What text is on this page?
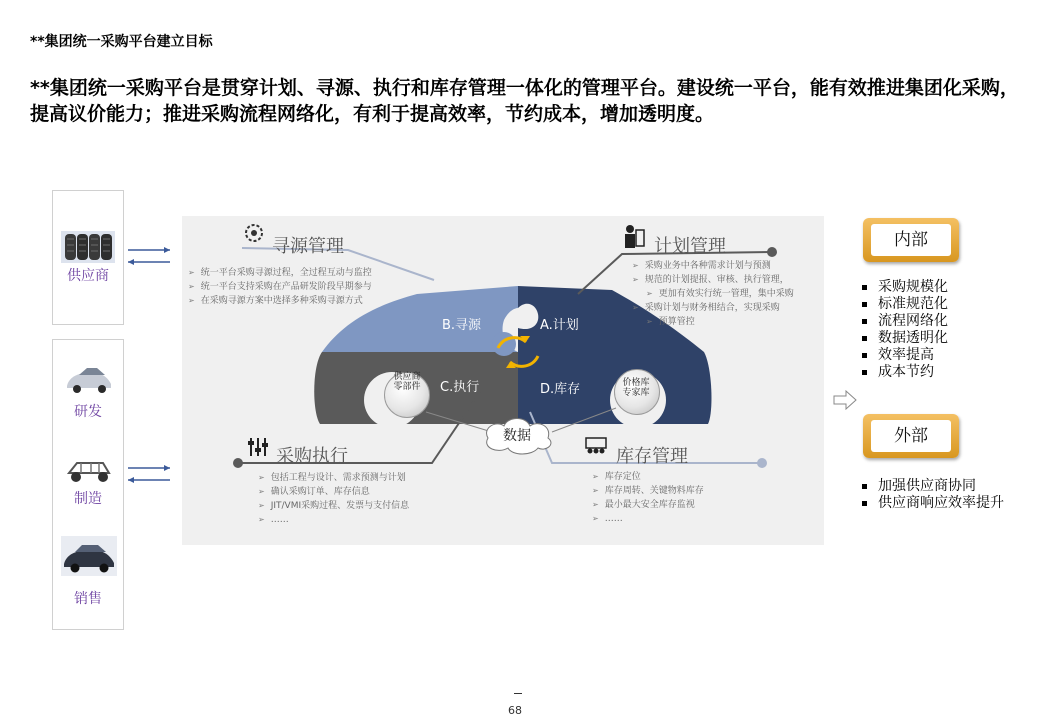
**集团统一采购平台建立目标
**集团统一采购平台是贯穿计划、寻源、执行和库存管理一体化的管理平台。建设统一平台，能有效推进集团化采购，提高议价能力；推进采购流程网络化，有利于提高效率，节约成本，增加透明度。
供应商
研发
制造
销售
寻源管理
➢ 统一平台采购寻源过程，全过程互动与监控
➢ 统一平台支持采购在产品研发阶段早期参与
➢ 在采购寻源方案中选择多种采购寻源方式
计划管理
➢ 采购业务中各种需求计划与预测
➢ 规范的计划提报、审核、执行管理，
➢ 更加有效实行统一管理，集中采购
➢ 采购计划与财务相结合，实现采购
➢ 预算管控
采购执行
➢ 包括工程与设计、需求预测与计划
➢ 确认采购订单、库存信息
➢ JIT/VMI采购过程、发票与支付信息
➢ ……
库存管理
➢ 库存定位
➢ 库存周转、关键物料库存
➢ 最小最大安全库存监视
➢ ……
B.寻源	A.计划
C.执行	D.库存
供应商零部件	价格库专家库
数据
内部
采购规模化
标准规范化
流程网络化
数据透明化
效率提高
成本节约
外部
加强供应商协同
供应商响应效率提升
68
